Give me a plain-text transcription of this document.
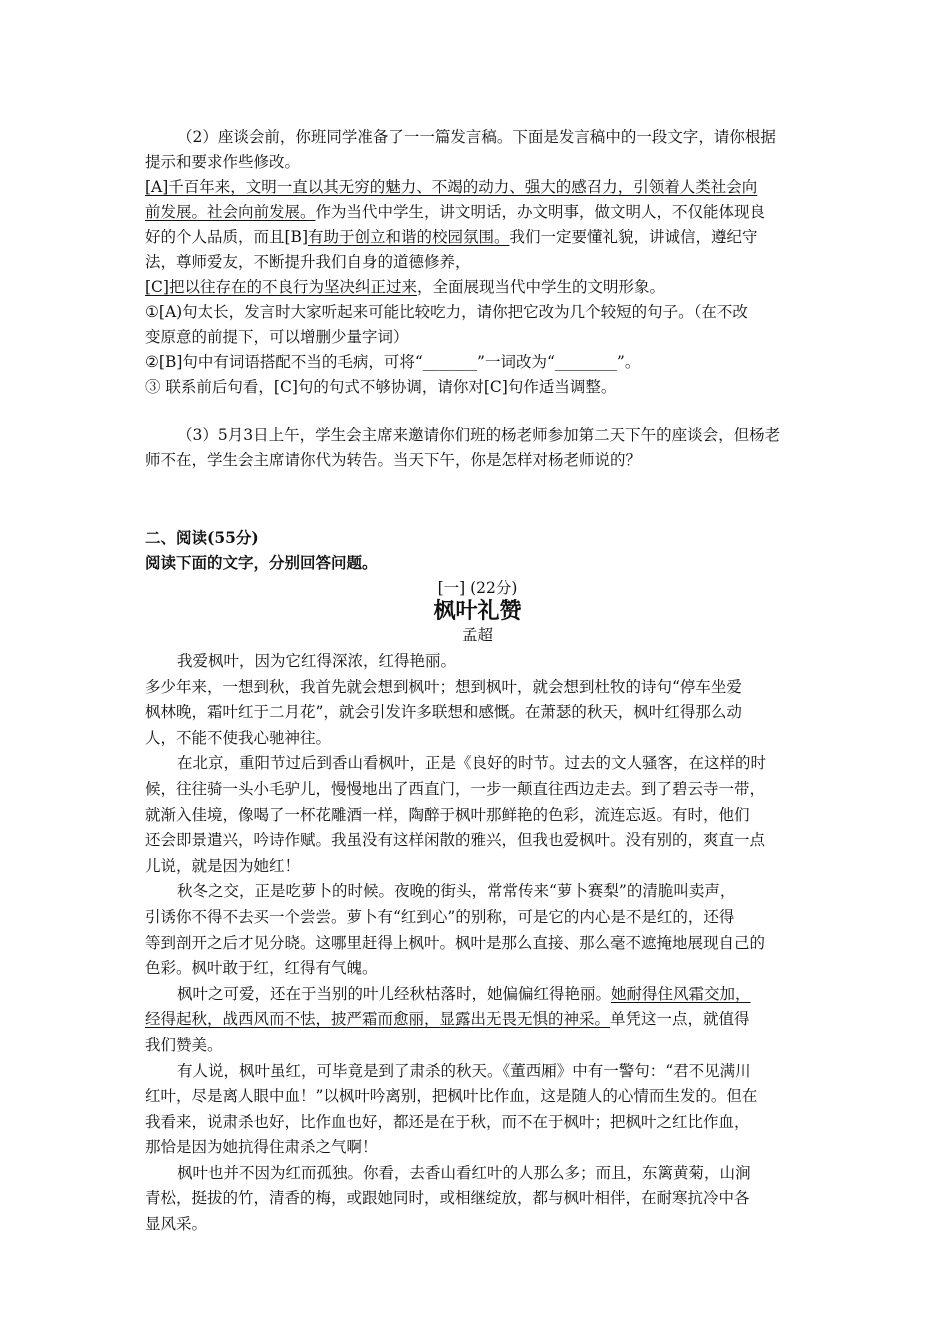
（2）座谈会前，你班同学准备了一一篇发言稿。下面是发言稿中的一段文字，请你根据
提示和要求作些修改。
[A]千百年来，文明一直以其无穷的魅力、不竭的动力、强大的感召力，引领着人类社会向
前发展。社会向前发展。作为当代中学生，讲文明话，办文明事，做文明人，不仅能体现良
好的个人品质，而且[B]有助于创立和谐的校园氛围。我们一定要懂礼貌，讲诚信，遵纪守
法，尊师爱友，不断提升我们自身的道德修养，
[C]把以往存在的不良行为坚决纠正过来，全面展现当代中学生的文明形象。
①[A)句太长，发言时大家听起来可能比较吃力，请你把它改为几个较短的句子。（在不改
变原意的前提下，可以增删少量字词）
②[B]句中有词语搭配不当的毛病，可将“_______”一词改为“________”。
③ 联系前后句看，[C]句的句式不够协调，请你对[C]句作适当调整。
（3）5月3日上午，学生会主席来邀请你们班的杨老师参加第二天下午的座谈会，但杨老
师不在，学生会主席请你代为转告。当天下午，你是怎样对杨老师说的？
二、阅读(55分)
阅读下面的文字，分别回答问题。
[一] (22分)
枫叶礼赞
孟超
我爱枫叶，因为它红得深浓，红得艳丽。
多少年来，一想到秋，我首先就会想到枫叶；想到枫叶，就会想到杜牧的诗句“停车坐爱
枫林晚，霜叶红于二月花”，就会引发许多联想和感慨。在萧瑟的秋天，枫叶红得那么动
人，不能不使我心驰神往。
在北京，重阳节过后到香山看枫叶，正是《良好的时节。过去的文人骚客，在这样的时
候，往往骑一头小毛驴儿，慢慢地出了西直门，一步一颠直往西边走去。到了碧云寺一带，
就渐入佳境，像喝了一杯花雕酒一样，陶醉于枫叶那鲜艳的色彩，流连忘返。有时，他们
还会即景遣兴，吟诗作赋。我虽没有这样闲散的雅兴，但我也爱枫叶。没有别的，爽直一点
儿说，就是因为她红！
秋冬之交，正是吃萝卜的时候。夜晚的街头，常常传来“萝卜赛梨”的清脆叫卖声，
引诱你不得不去买一个尝尝。萝卜有“红到心”的别称，可是它的内心是不是红的，还得
等到剖开之后才见分晓。这哪里赶得上枫叶。枫叶是那么直接、那么毫不遮掩地展现自己的
色彩。枫叶敢于红，红得有气魄。
枫叶之可爱，还在于当别的叶儿经秋枯落时，她偏偏红得艳丽。她耐得住风霜交加，
经得起秋，战西风而不怯，披严霜而愈丽，显露出无畏无惧的神采。单凭这一点，就值得
我们赞美。
有人说，枫叶虽红，可毕竟是到了肃杀的秋天。《董西厢》中有一警句：“君不见满川
红叶，尽是离人眼中血！”以枫叶吟离别，把枫叶比作血，这是随人的心情而生发的。但在
我看来，说肃杀也好，比作血也好，都还是在于秋，而不在于枫叶；把枫叶之红比作血，
那恰是因为她抗得住肃杀之气啊！
枫叶也并不因为红而孤独。你看，去香山看红叶的人那么多；而且，东篱黄菊，山涧
青松，挺拔的竹，清香的梅，或跟她同时，或相继绽放，都与枫叶相伴，在耐寒抗冷中各
显风采。
